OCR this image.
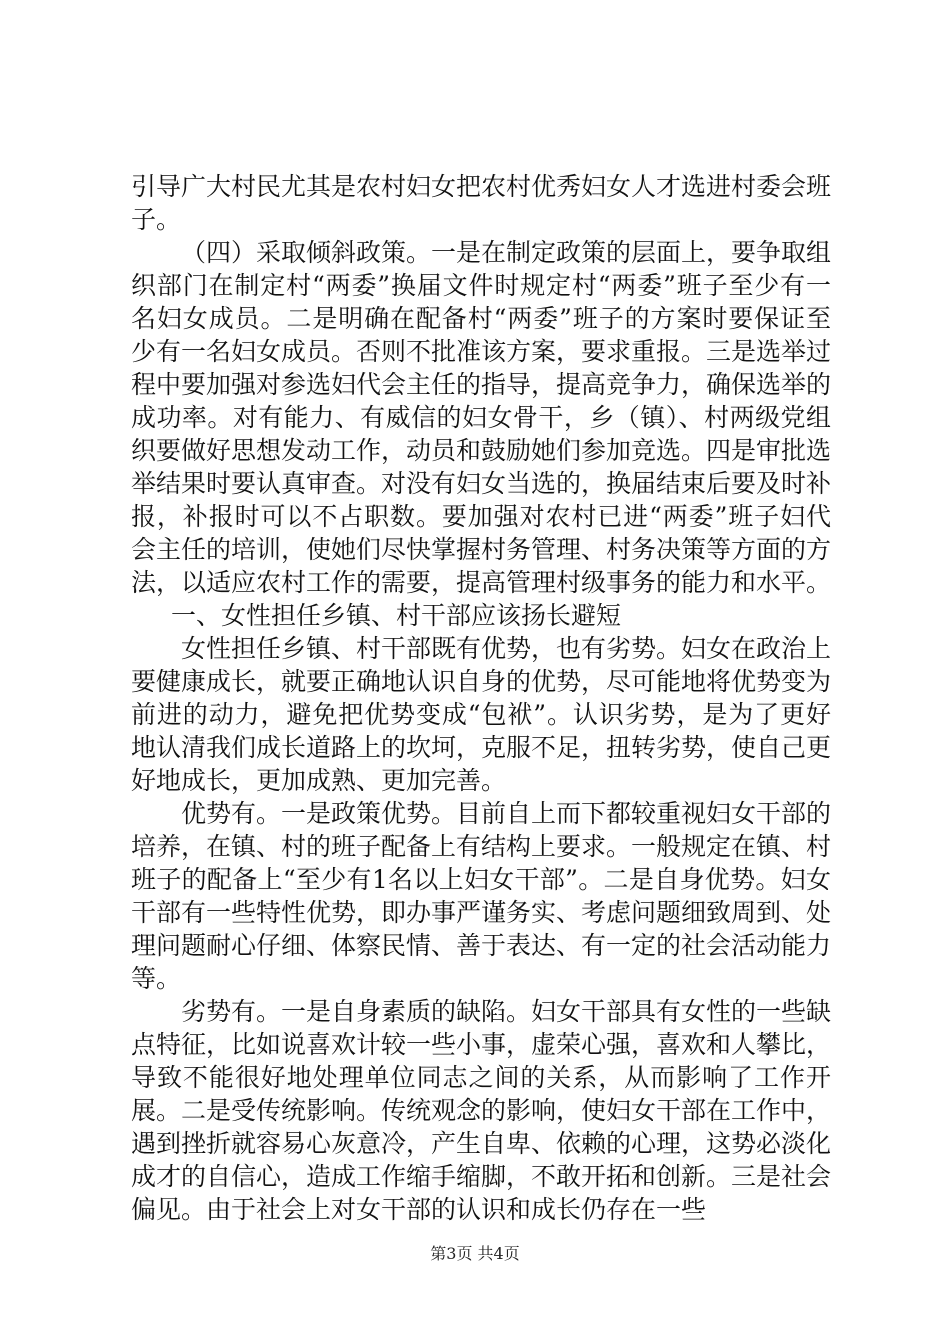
引导广大村民尤其是农村妇女把农村优秀妇女人才选进村委会班子。

（四）采取倾斜政策。一是在制定政策的层面上，要争取组织部门在制定村“两委”换届文件时规定村“两委”班子至少有一名妇女成员。二是明确在配备村“两委”班子的方案时要保证至少有一名妇女成员。否则不批准该方案，要求重报。三是选举过程中要加强对参选妇代会主任的指导，提高竞争力，确保选举的成功率。对有能力、有威信的妇女骨干，乡（镇）、村两级党组织要做好思想发动工作，动员和鼓励她们参加竞选。四是审批选举结果时要认真审查。对没有妇女当选的，换届结束后要及时补报，补报时可以不占职数。要加强对农村已进“两委”班子妇代会主任的培训，使她们尽快掌握村务管理、村务决策等方面的方法，以适应农村工作的需要，提高管理村级事务的能力和水平。

一、女性担任乡镇、村干部应该扬长避短

女性担任乡镇、村干部既有优势，也有劣势。妇女在政治上要健康成长，就要正确地认识自身的优势，尽可能地将优势变为前进的动力，避免把优势变成“包袱”。认识劣势，是为了更好地认清我们成长道路上的坎坷，克服不足，扭转劣势，使自己更好地成长，更加成熟、更加完善。

优势有。一是政策优势。目前自上而下都较重视妇女干部的培养，在镇、村的班子配备上有结构上要求。一般规定在镇、村班子的配备上“至少有1名以上妇女干部”。二是自身优势。妇女干部有一些特性优势，即办事严谨务实、考虑问题细致周到、处理问题耐心仔细、体察民情、善于表达、有一定的社会活动能力等。

劣势有。一是自身素质的缺陷。妇女干部具有女性的一些缺点特征，比如说喜欢计较一些小事，虚荣心强，喜欢和人攀比，导致不能很好地处理单位同志之间的关系，从而影响了工作开展。二是受传统影响。传统观念的影响，使妇女干部在工作中，遇到挫折就容易心灰意冷，产生自卑、依赖的心理，这势必淡化成才的自信心，造成工作缩手缩脚，不敢开拓和创新。三是社会偏见。由于社会上对女干部的认识和成长仍存在一些

第3页 共4页
